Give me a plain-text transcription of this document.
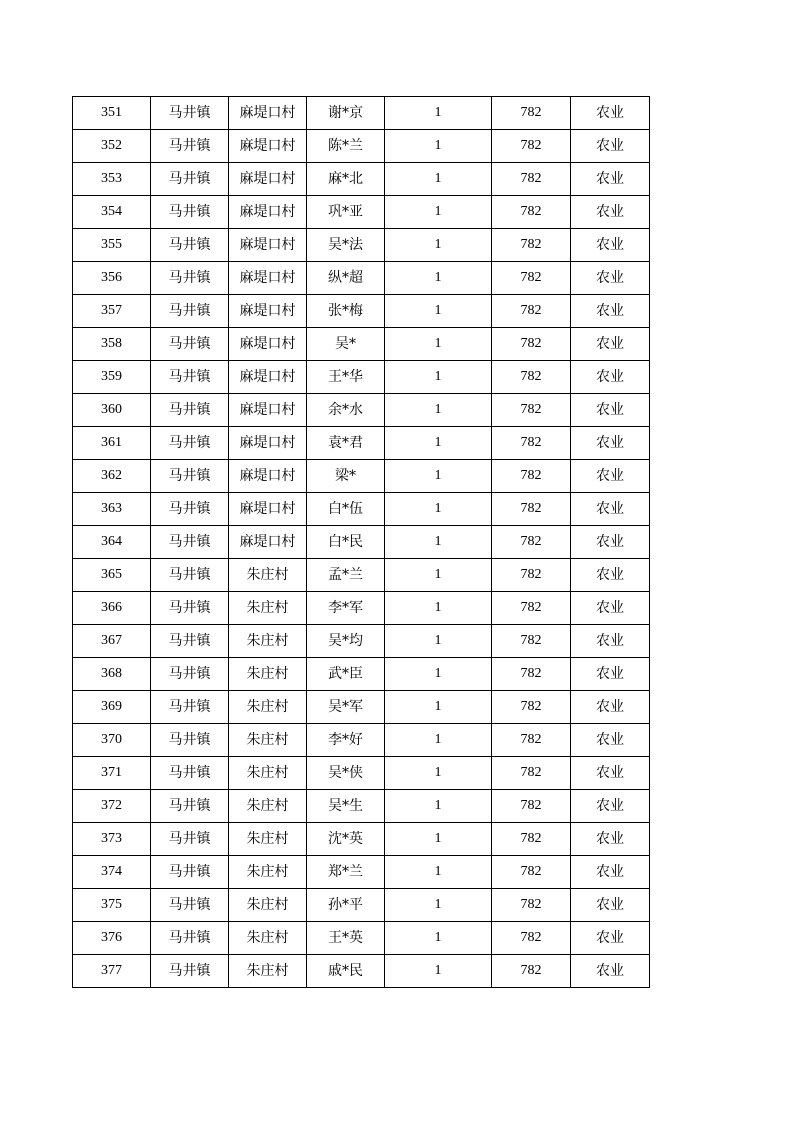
351	马井镇	麻堤口村	谢*京	1	782	农业
352	马井镇	麻堤口村	陈*兰	1	782	农业
353	马井镇	麻堤口村	麻*北	1	782	农业
354	马井镇	麻堤口村	巩*亚	1	782	农业
355	马井镇	麻堤口村	吴*法	1	782	农业
356	马井镇	麻堤口村	纵*超	1	782	农业
357	马井镇	麻堤口村	张*梅	1	782	农业
358	马井镇	麻堤口村	吴*	1	782	农业
359	马井镇	麻堤口村	王*华	1	782	农业
360	马井镇	麻堤口村	余*水	1	782	农业
361	马井镇	麻堤口村	袁*君	1	782	农业
362	马井镇	麻堤口村	梁*	1	782	农业
363	马井镇	麻堤口村	白*伍	1	782	农业
364	马井镇	麻堤口村	白*民	1	782	农业
365	马井镇	朱庄村	孟*兰	1	782	农业
366	马井镇	朱庄村	李*军	1	782	农业
367	马井镇	朱庄村	吴*均	1	782	农业
368	马井镇	朱庄村	武*臣	1	782	农业
369	马井镇	朱庄村	吴*军	1	782	农业
370	马井镇	朱庄村	李*好	1	782	农业
371	马井镇	朱庄村	吴*侠	1	782	农业
372	马井镇	朱庄村	吴*生	1	782	农业
373	马井镇	朱庄村	沈*英	1	782	农业
374	马井镇	朱庄村	郑*兰	1	782	农业
375	马井镇	朱庄村	孙*平	1	782	农业
376	马井镇	朱庄村	王*英	1	782	农业
377	马井镇	朱庄村	戚*民	1	782	农业
